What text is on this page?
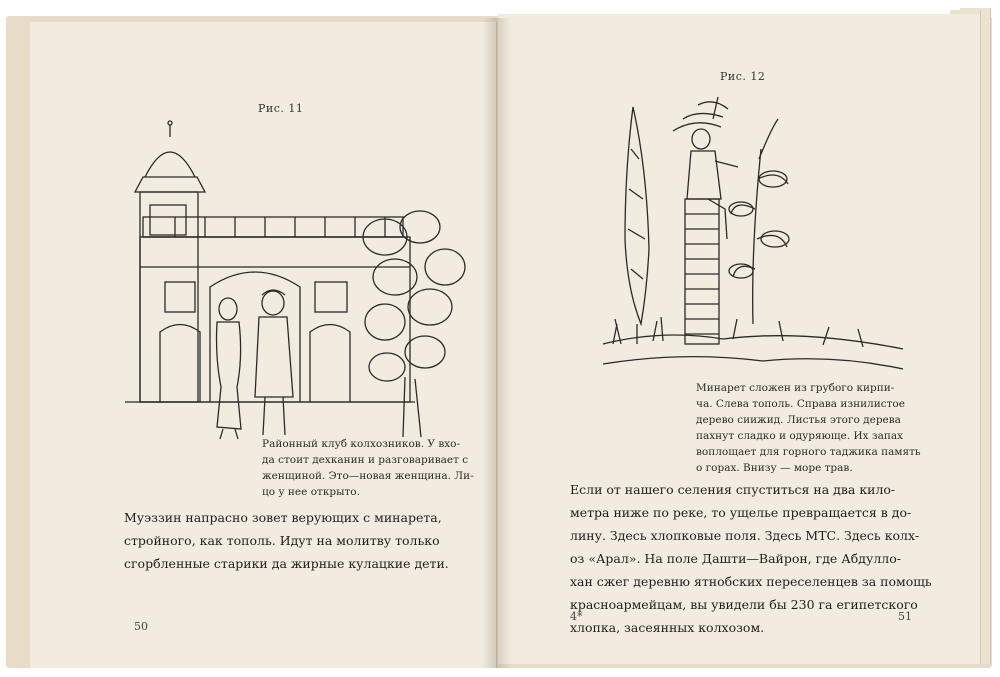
Рис. 11
Районный клуб колхозников. У вхо-
да стоит дехканин и разговаривает с
женщиной. Это—новая женщина. Ли-
цо у нее открыто.
Муэззин напрасно зовет верующих с минарета,
стройного, как тополь. Идут на молитву только
сгорбленные старики да жирные кулацкие дети.
50
Рис. 12
Минарет сложен из грубого кирпи-
ча. Слева тополь. Справа изнилистое
дерево сиижид. Листья этого дерева
пахнут сладко и одуряюще. Их запах
воплощает для горного таджика память
о горах. Внизу — море трав.
Если от нашего селения спуститься на два кило-
метра ниже по реке, то ущелье превращается в до-
лину. Здесь хлопковые поля. Здесь МТС. Здесь колх-
оз «Арал». На поле Дашти—Вайрон, где Абдулло-
хан сжег деревню ятнобских переселенцев за помощь
красноармейцам, вы увидели бы 230 га египетского
хлопка, засеянных колхозом.
4*	51
